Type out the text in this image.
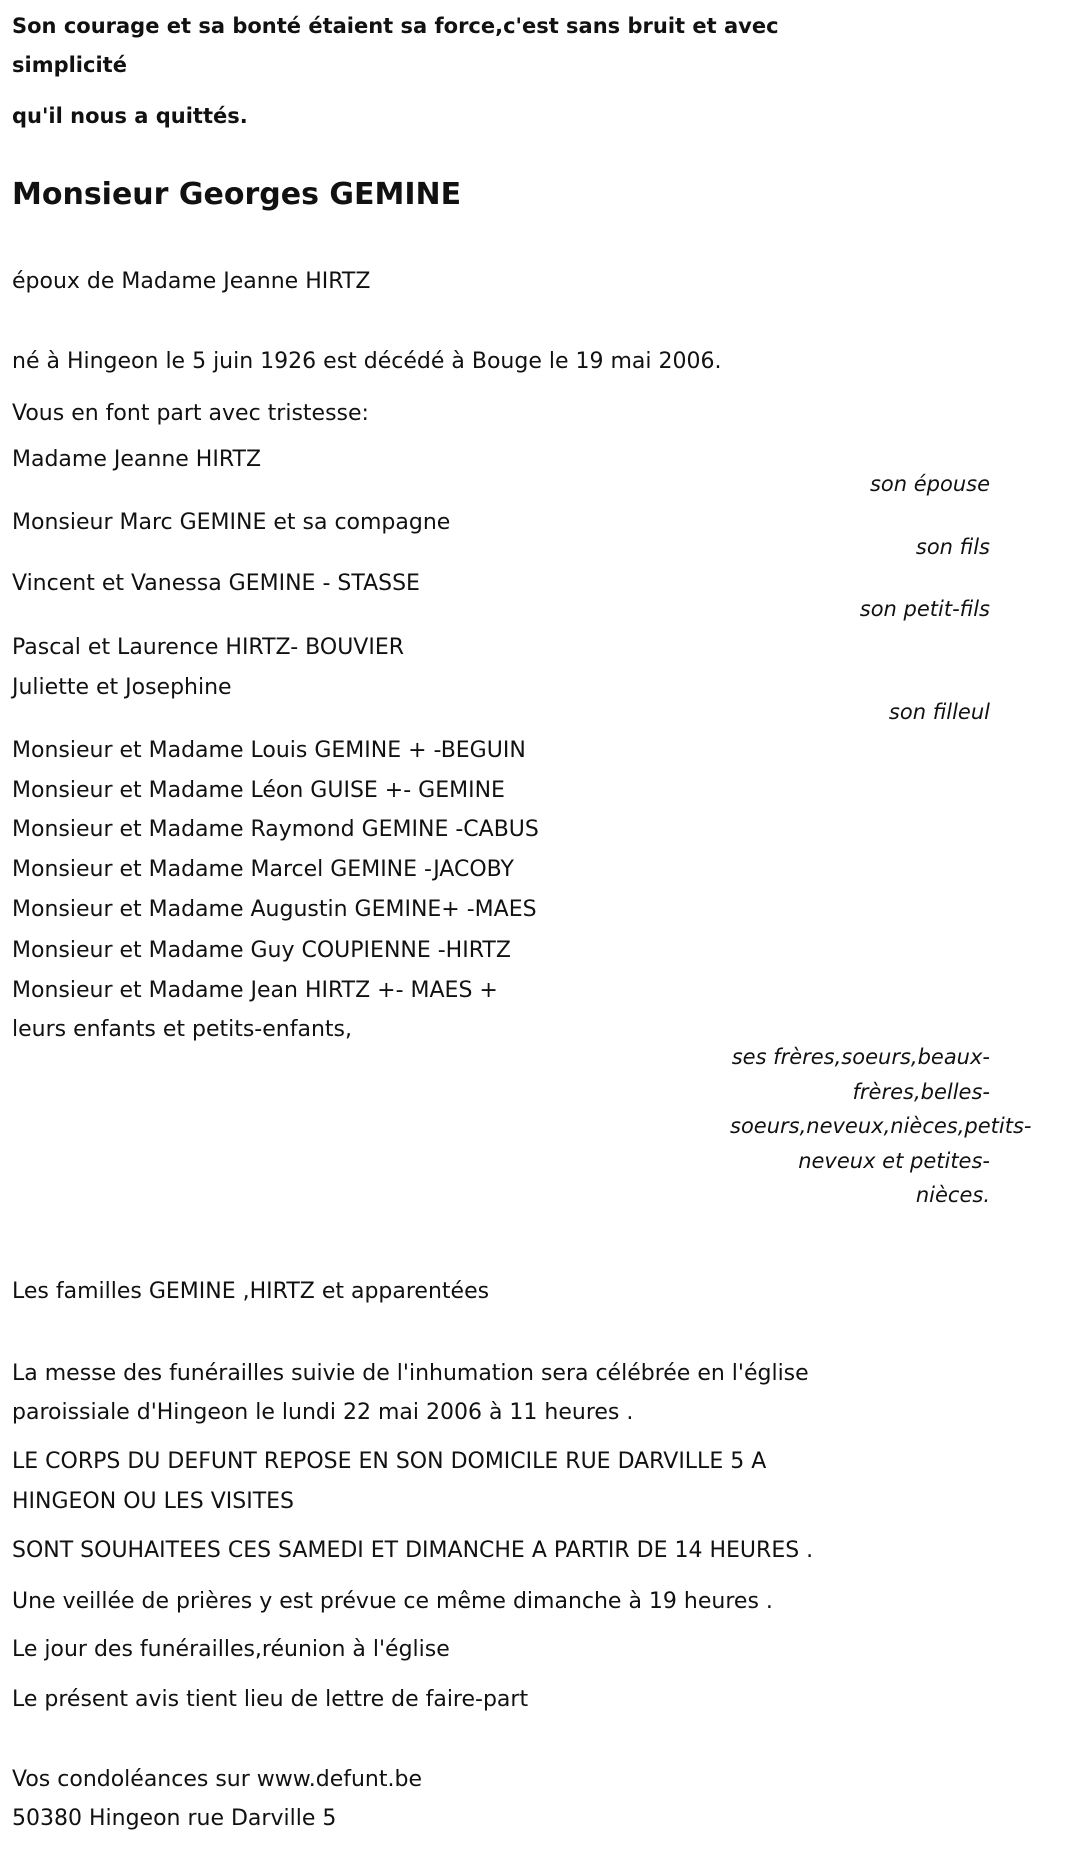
Son courage et sa bonté étaient sa force,c'est sans bruit et avec
simplicité
qu'il nous a quittés.
Monsieur Georges GEMINE
époux de Madame Jeanne HIRTZ
né à Hingeon le 5 juin 1926 est décédé à Bouge le 19 mai 2006.
Vous en font part avec tristesse:
Madame Jeanne HIRTZ
son épouse
Monsieur Marc GEMINE et sa compagne
son fils
Vincent et Vanessa GEMINE - STASSE
son petit-fils
Pascal et Laurence HIRTZ- BOUVIER
Juliette et Josephine
son filleul
Monsieur et Madame Louis GEMINE + -BEGUIN
Monsieur et Madame Léon GUISE +- GEMINE
Monsieur et Madame Raymond GEMINE -CABUS
Monsieur et Madame Marcel GEMINE -JACOBY
Monsieur et Madame Augustin GEMINE+ -MAES
Monsieur et Madame Guy COUPIENNE -HIRTZ
Monsieur et Madame Jean HIRTZ +- MAES +
leurs enfants et petits-enfants,
ses frères,soeurs,beaux-frères,belles-soeurs,neveux,nièces,petits-neveux et petites-nièces.
Les familles GEMINE ,HIRTZ et apparentées
La messe des funérailles suivie de l'inhumation sera célébrée en l'église
paroissiale d'Hingeon le lundi 22 mai 2006 à 11 heures .
LE CORPS DU DEFUNT REPOSE EN SON DOMICILE RUE DARVILLE 5 A
HINGEON OU LES VISITES
SONT SOUHAITEES CES SAMEDI ET DIMANCHE A PARTIR DE 14 HEURES .
Une veillée de prières y est prévue ce même dimanche à 19 heures .
Le jour des funérailles,réunion à l'église
Le présent avis tient lieu de lettre de faire-part
Vos condoléances sur www.defunt.be
50380 Hingeon rue Darville 5
